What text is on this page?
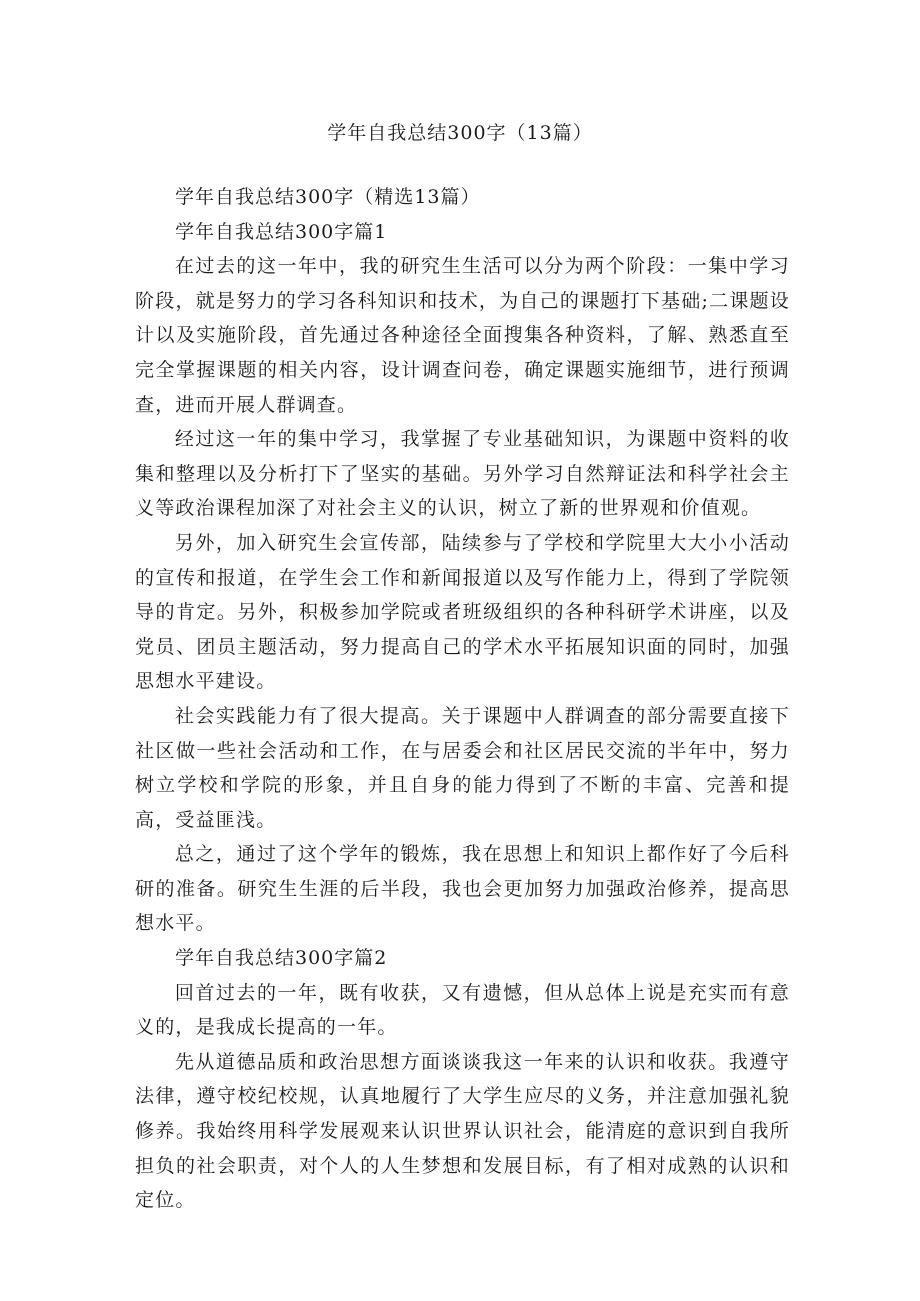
学年自我总结300字（13篇）

学年自我总结300字（精选13篇）

学年自我总结300字篇1

在过去的这一年中，我的研究生生活可以分为两个阶段：一集中学习阶段，就是努力的学习各科知识和技术，为自己的课题打下基础;二课题设计以及实施阶段，首先通过各种途径全面搜集各种资料，了解、熟悉直至完全掌握课题的相关内容，设计调查问卷，确定课题实施细节，进行预调查，进而开展人群调查。

经过这一年的集中学习，我掌握了专业基础知识，为课题中资料的收集和整理以及分析打下了坚实的基础。另外学习自然辩证法和科学社会主义等政治课程加深了对社会主义的认识，树立了新的世界观和价值观。

另外，加入研究生会宣传部，陆续参与了学校和学院里大大小小活动的宣传和报道，在学生会工作和新闻报道以及写作能力上，得到了学院领导的肯定。另外，积极参加学院或者班级组织的各种科研学术讲座，以及党员、团员主题活动，努力提高自己的学术水平拓展知识面的同时，加强思想水平建设。

社会实践能力有了很大提高。关于课题中人群调查的部分需要直接下社区做一些社会活动和工作，在与居委会和社区居民交流的半年中，努力树立学校和学院的形象，并且自身的能力得到了不断的丰富、完善和提高，受益匪浅。

总之，通过了这个学年的锻炼，我在思想上和知识上都作好了今后科研的准备。研究生生涯的后半段，我也会更加努力加强政治修养，提高思想水平。

学年自我总结300字篇2

回首过去的一年，既有收获，又有遗憾，但从总体上说是充实而有意义的，是我成长提高的一年。

先从道德品质和政治思想方面谈谈我这一年来的认识和收获。我遵守法律，遵守校纪校规，认真地履行了大学生应尽的义务，并注意加强礼貌修养。我始终用科学发展观来认识世界认识社会，能清庭的意识到自我所担负的社会职责，对个人的人生梦想和发展目标，有了相对成熟的认识和定位。
